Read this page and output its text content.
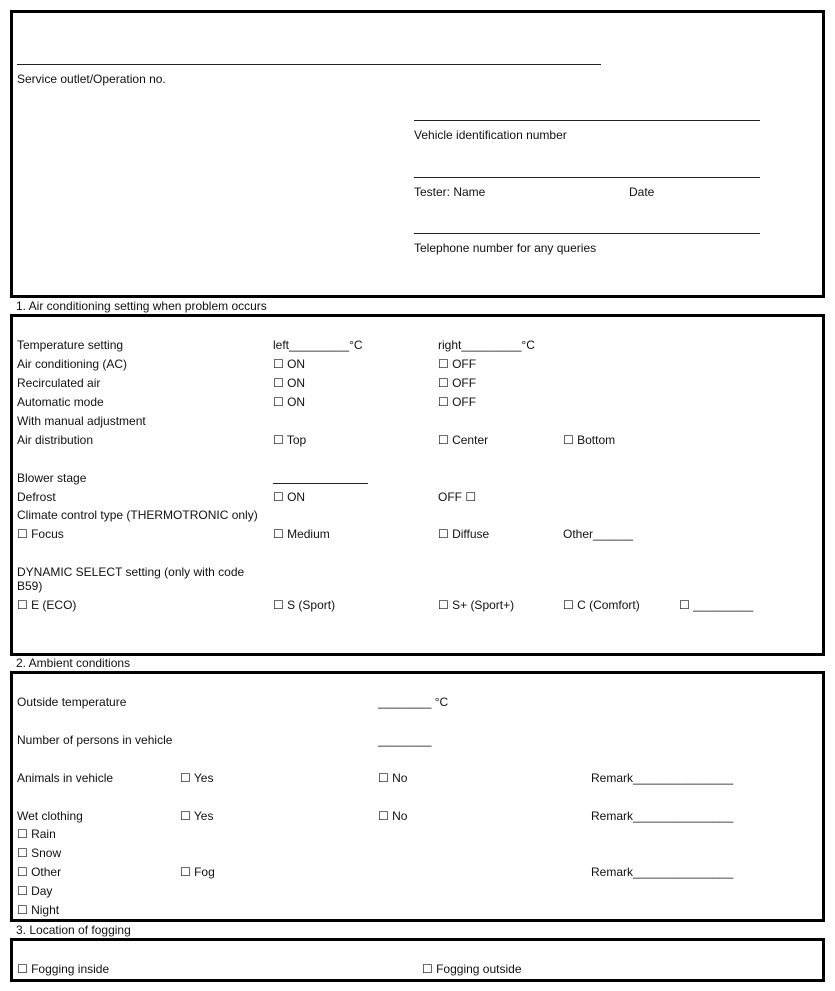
Service outlet/Operation no.
Vehicle identification number
Tester: Name	Date
Telephone number for any queries
1. Air conditioning setting when problem occurs
Temperature setting	left_________°C	right_________°C
Air conditioning (AC)	☐ ON	☐ OFF
Recirculated air	☐ ON	☐ OFF
Automatic mode	☐ ON	☐ OFF
With manual adjustment
Air distribution	☐ Top	☐ Center	☐ Bottom
Blower stage
Defrost	☐ ON	OFF ☐
Climate control type (THERMOTRONIC only)
☐ Focus	☐ Medium	☐ Diffuse	Other______
DYNAMIC SELECT setting (only with code
B59)
☐ E (ECO)	☐ S (Sport)	☐ S+ (Sport+)	☐ C (Comfort)	☐ _________
2. Ambient conditions
Outside temperature	________ °C
Number of persons in vehicle	________
Animals in vehicle	☐ Yes	☐ No	Remark_______________
Wet clothing	☐ Yes	☐ No	Remark_______________
☐ Rain
☐ Snow
☐ Other	☐ Fog	Remark_______________
☐ Day
☐ Night
3. Location of fogging
☐ Fogging inside	☐ Fogging outside
